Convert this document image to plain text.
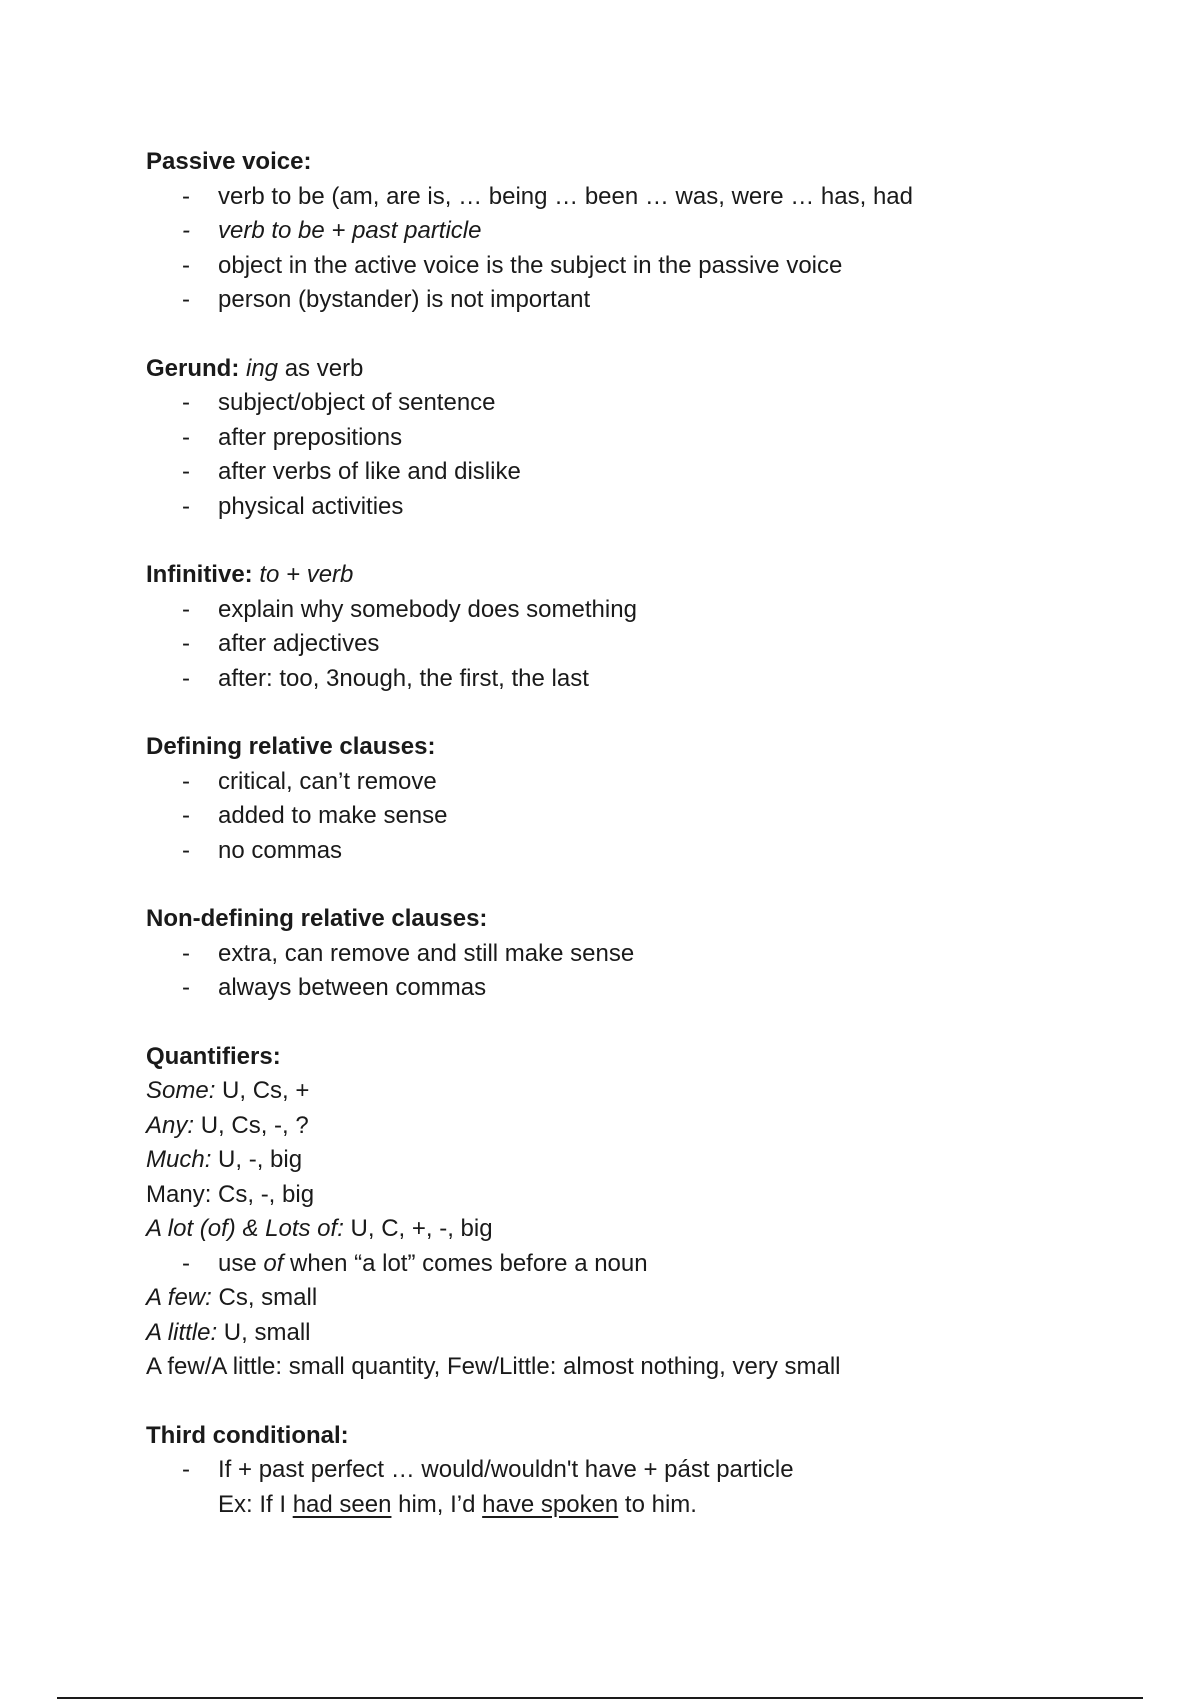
Passive voice:

- verb to be (am, are is, … being … been … was, were … has, had
- verb to be + past particle
- object in the active voice is the subject in the passive voice
- person (bystander) is not important

Gerund: ing as verb

- subject/object of sentence
- after prepositions
- after verbs of like and dislike
- physical activities

Infinitive: to + verb

- explain why somebody does something
- after adjectives
- after: too, 3nough, the first, the last

Defining relative clauses:

- critical, can’t remove
- added to make sense
- no commas

Non-defining relative clauses:

- extra, can remove and still make sense
- always between commas

Quantifiers:

Some: U, Cs, +

Any: U, Cs, -, ?

Much: U, -, big

Many: Cs, -, big

A lot (of) & Lots of: U, C, +, -, big

- use of when “a lot” comes before a noun

A few: Cs, small

A little: U, small

A few/A little: small quantity, Few/Little: almost nothing, very small

Third conditional:

- If + past perfect … would/wouldn't have + pást particle

Ex: If I had seen him, I’d have spoken to him.
